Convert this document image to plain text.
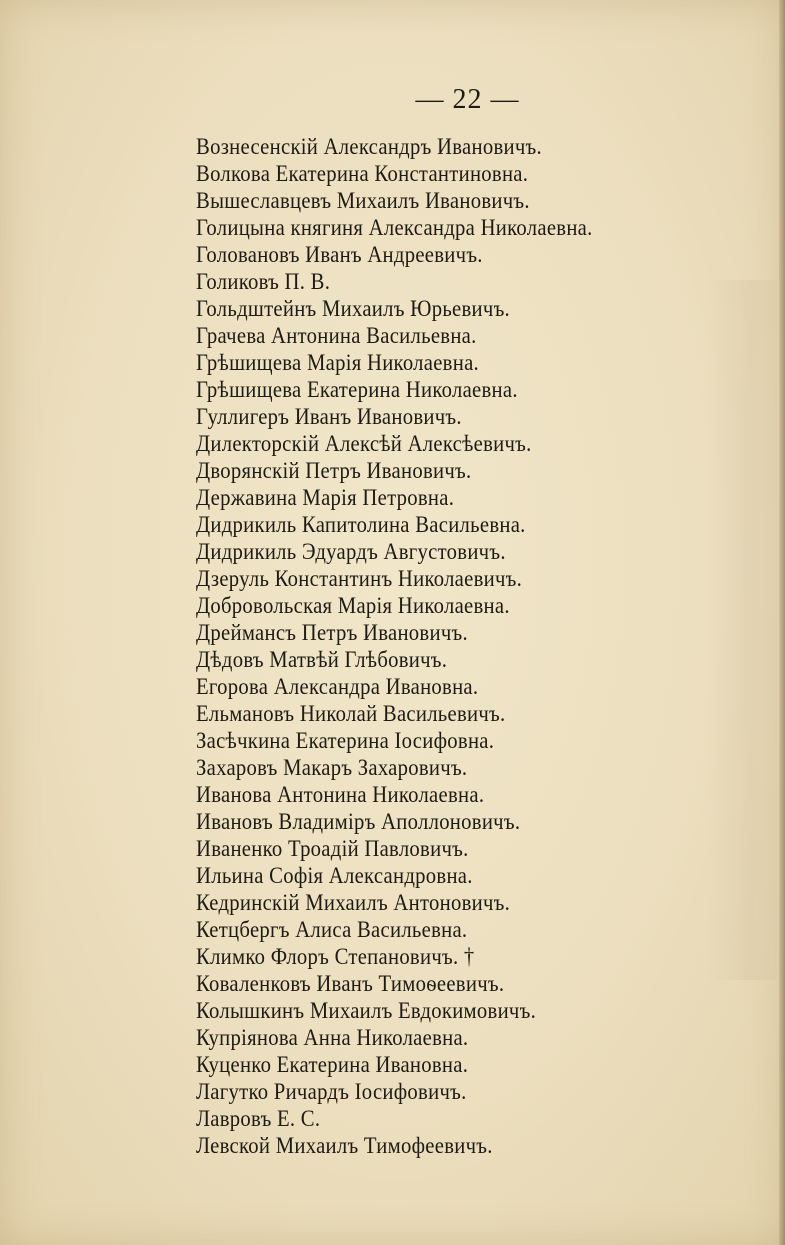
— 22 —
Вознесенскій Александръ Ивановичъ.
Волкова Екатерина Константиновна.
Вышеславцевъ Михаилъ Ивановичъ.
Голицына княгиня Александра Николаевна.
Головановъ Иванъ Андреевичъ.
Голиковъ П. В.
Гольдштейнъ Михаилъ Юрьевичъ.
Грачева Антонина Васильевна.
Грѣшищева Марія Николаевна.
Грѣшищева Екатерина Николаевна.
Гуллигеръ Иванъ Ивановичъ.
Дилекторскій Алексѣй Алексѣевичъ.
Дворянскій Петръ Ивановичъ.
Державина Марія Петровна.
Дидрикиль Капитолина Васильевна.
Дидрикиль Эдуардъ Августовичъ.
Дзеруль Константинъ Николаевичъ.
Добровольская Марія Николаевна.
Дреймансъ Петръ Ивановичъ.
Дѣдовъ Матвѣй Глѣбовичъ.
Егорова Александра Ивановна.
Ельмановъ Николай Васильевичъ.
Засѣчкина Екатерина Іосифовна.
Захаровъ Макаръ Захаровичъ.
Иванова Антонина Николаевна.
Ивановъ Владиміръ Аполлоновичъ.
Иваненко Троадій Павловичъ.
Ильина Софія Александровна.
Кедринскій Михаилъ Антоновичъ.
Кетцбергъ Алиса Васильевна.
Климко Флоръ Степановичъ. †
Коваленковъ Иванъ Тимоѳеевичъ.
Колышкинъ Михаилъ Евдокимовичъ.
Купріянова Анна Николаевна.
Куценко Екатерина Ивановна.
Лагутко Ричардъ Іосифовичъ.
Лавровъ Е. С.
Левской Михаилъ Тимофеевичъ.
